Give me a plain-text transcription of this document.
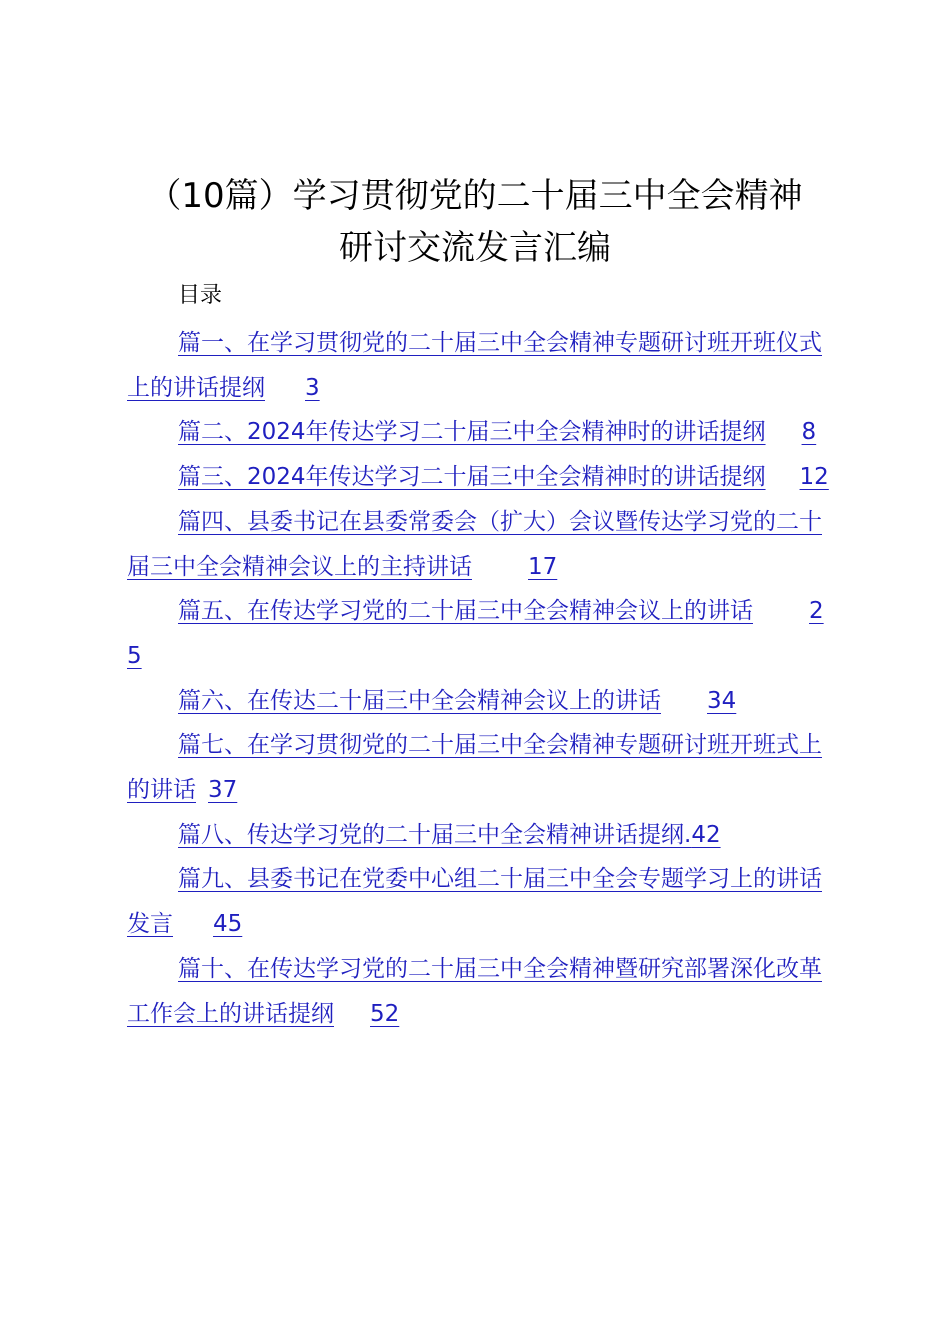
（10篇）学习贯彻党的二十届三中全会精神
研讨交流发言汇编

目录

篇一、在学习贯彻党的二十届三中全会精神专题研讨班开班仪式上的讲话提纲 3
篇二、2024年传达学习二十届三中全会精神时的讲话提纲 8
篇三、2024年传达学习二十届三中全会精神时的讲话提纲 12
篇四、县委书记在县委常委会（扩大）会议暨传达学习党的二十届三中全会精神会议上的主持讲话 17
篇五、在传达学习党的二十届三中全会精神会议上的讲话 25
篇六、在传达二十届三中全会精神会议上的讲话 34
篇七、在学习贯彻党的二十届三中全会精神专题研讨班开班式上的讲话 37
篇八、传达学习党的二十届三中全会精神讲话提纲.42
篇九、县委书记在党委中心组二十届三中全会专题学习上的讲话发言 45
篇十、在传达学习党的二十届三中全会精神暨研究部署深化改革工作会上的讲话提纲 52
